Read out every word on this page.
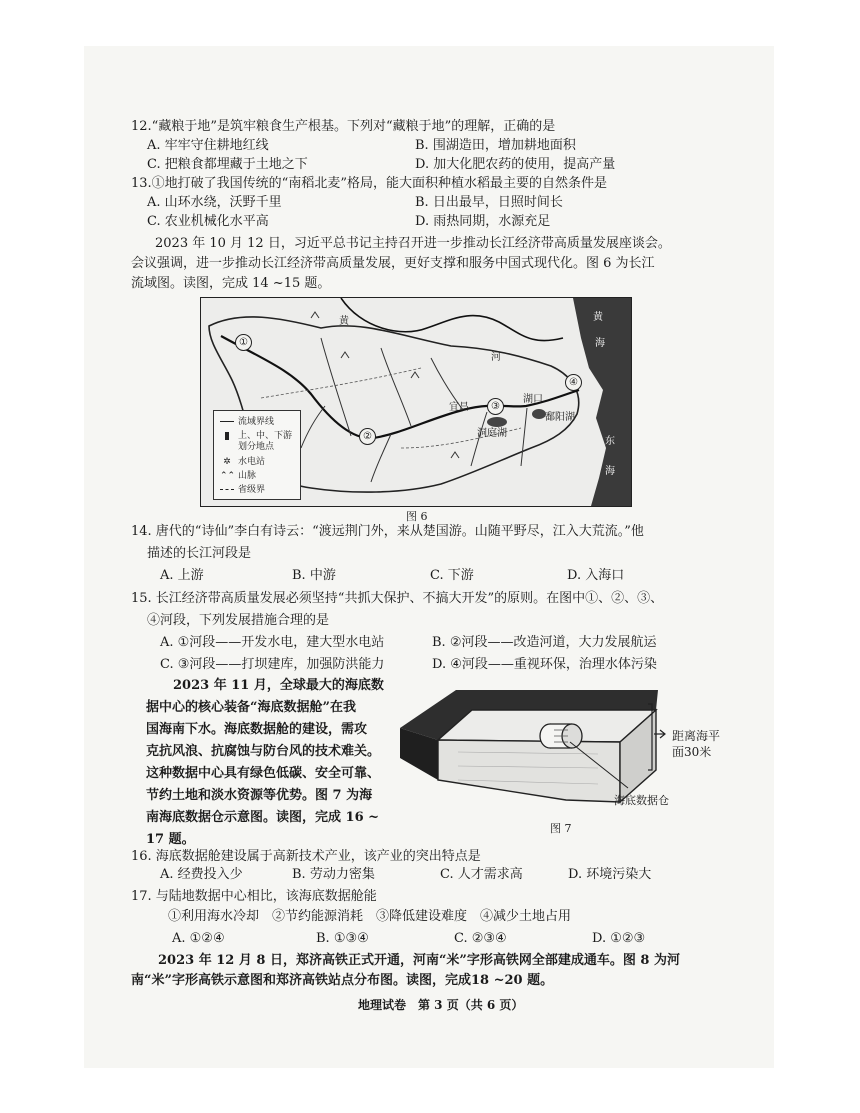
12.“藏粮于地”是筑牢粮食生产根基。下列对“藏粮于地”的理解，正确的是
A. 牢牢守住耕地红线	B. 围湖造田，增加耕地面积
C. 把粮食都埋藏于土地之下	D. 加大化肥农药的使用，提高产量
13.①地打破了我国传统的“南稻北麦”格局，能大面积种植水稻最主要的自然条件是
A. 山环水绕，沃野千里	B. 日出最早，日照时间长
C. 农业机械化水平高	D. 雨热同期，水源充足
2023 年 10 月 12 日，习近平总书记主持召开进一步推动长江经济带高质量发展座谈会。
会议强调，进一步推动长江经济带高质量发展，更好支撑和服务中国式现代化。图 6 为长江
流域图。读图，完成 14 ~15 题。
黄
河
宜昌
湖口
洞庭湖
鄱阳湖
黄
海
东
海
①
②
③
④
流域界线
上、中、下游
划分地点
✲ 水电站
⌃⌃ 山脉
省级界
图 6
14. 唐代的“诗仙”李白有诗云：“渡远荆门外，来从楚国游。山随平野尽，江入大荒流。”他
描述的长江河段是
A. 上游	B. 中游	C. 下游	D. 入海口
15. 长江经济带高质量发展必须坚持“共抓大保护、不搞大开发”的原则。在图中①、②、③、
④河段，下列发展措施合理的是
A. ①河段——开发水电，建大型水电站	B. ②河段——改造河道，大力发展航运
C. ③河段——打坝建库，加强防洪能力	D. ④河段——重视环保，治理水体污染
2023 年 11 月，全球最大的海底数
据中心的核心装备“海底数据舱”在我
国海南下水。海底数据舱的建设，需攻
克抗风浪、抗腐蚀与防台风的技术难关。
这种数据中心具有绿色低碳、安全可靠、
节约土地和淡水资源等优势。图 7 为海
南海底数据仓示意图。读图，完成 16 ~
17 题。
距离海平
面30米
海底数据仓
图 7
16. 海底数据舱建设属于高新技术产业，该产业的突出特点是
A. 经费投入少	B. 劳动力密集	C. 人才需求高	D. 环境污染大
17. 与陆地数据中心相比，该海底数据舱能
①利用海水冷却　②节约能源消耗　③降低建设难度　④减少土地占用
A. ①②④	B. ①③④	C. ②③④	D. ①②③
2023 年 12 月 8 日，郑济高铁正式开通，河南“米”字形高铁网全部建成通车。图 8 为河
南“米”字形高铁示意图和郑济高铁站点分布图。读图，完成18 ~20 题。
地理试卷　第 3 页（共 6 页）
